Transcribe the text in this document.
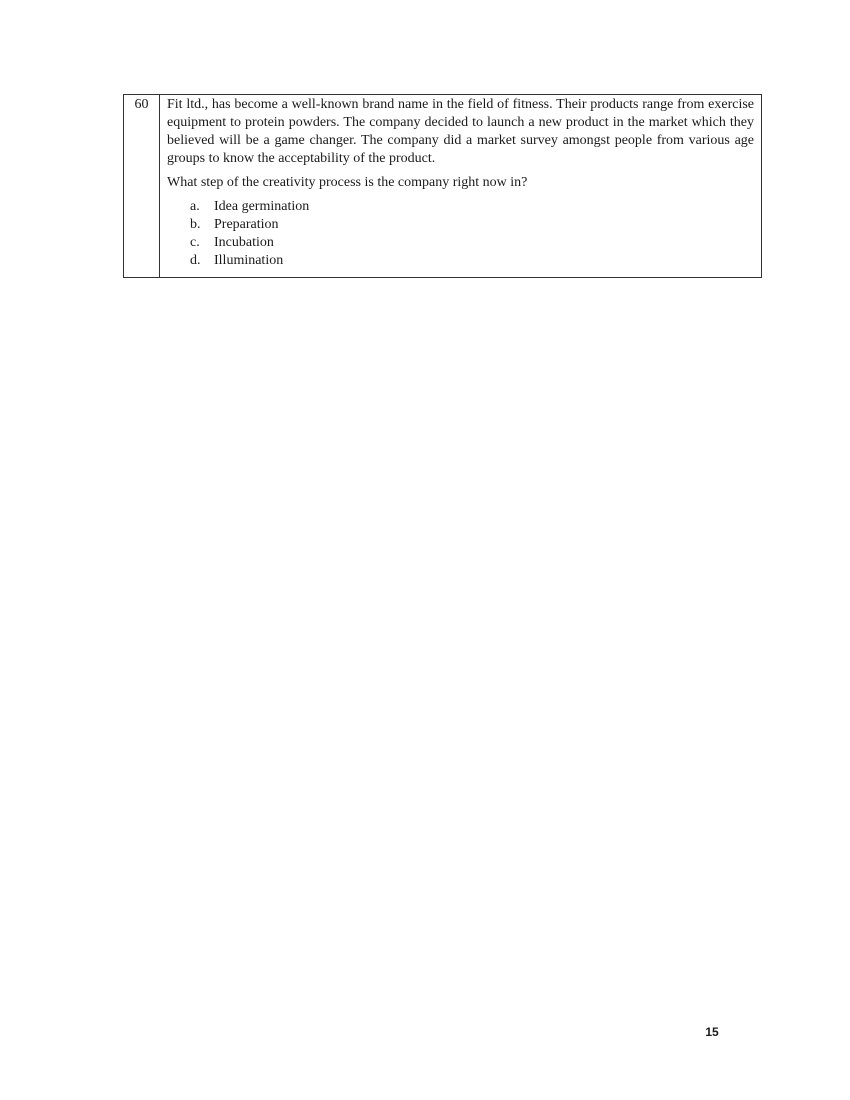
60	Fit ltd., has become a well-known brand name in the field of fitness. Their products range from exercise equipment to protein powders. The company decided to launch a new product in the market which they believed will be a game changer. The company did a market survey amongst people from various age groups to know the acceptability of the product.

What step of the creativity process is the company right now in?

a.	Idea germination
b. Preparation
c.	Incubation
d. Illumination
15
